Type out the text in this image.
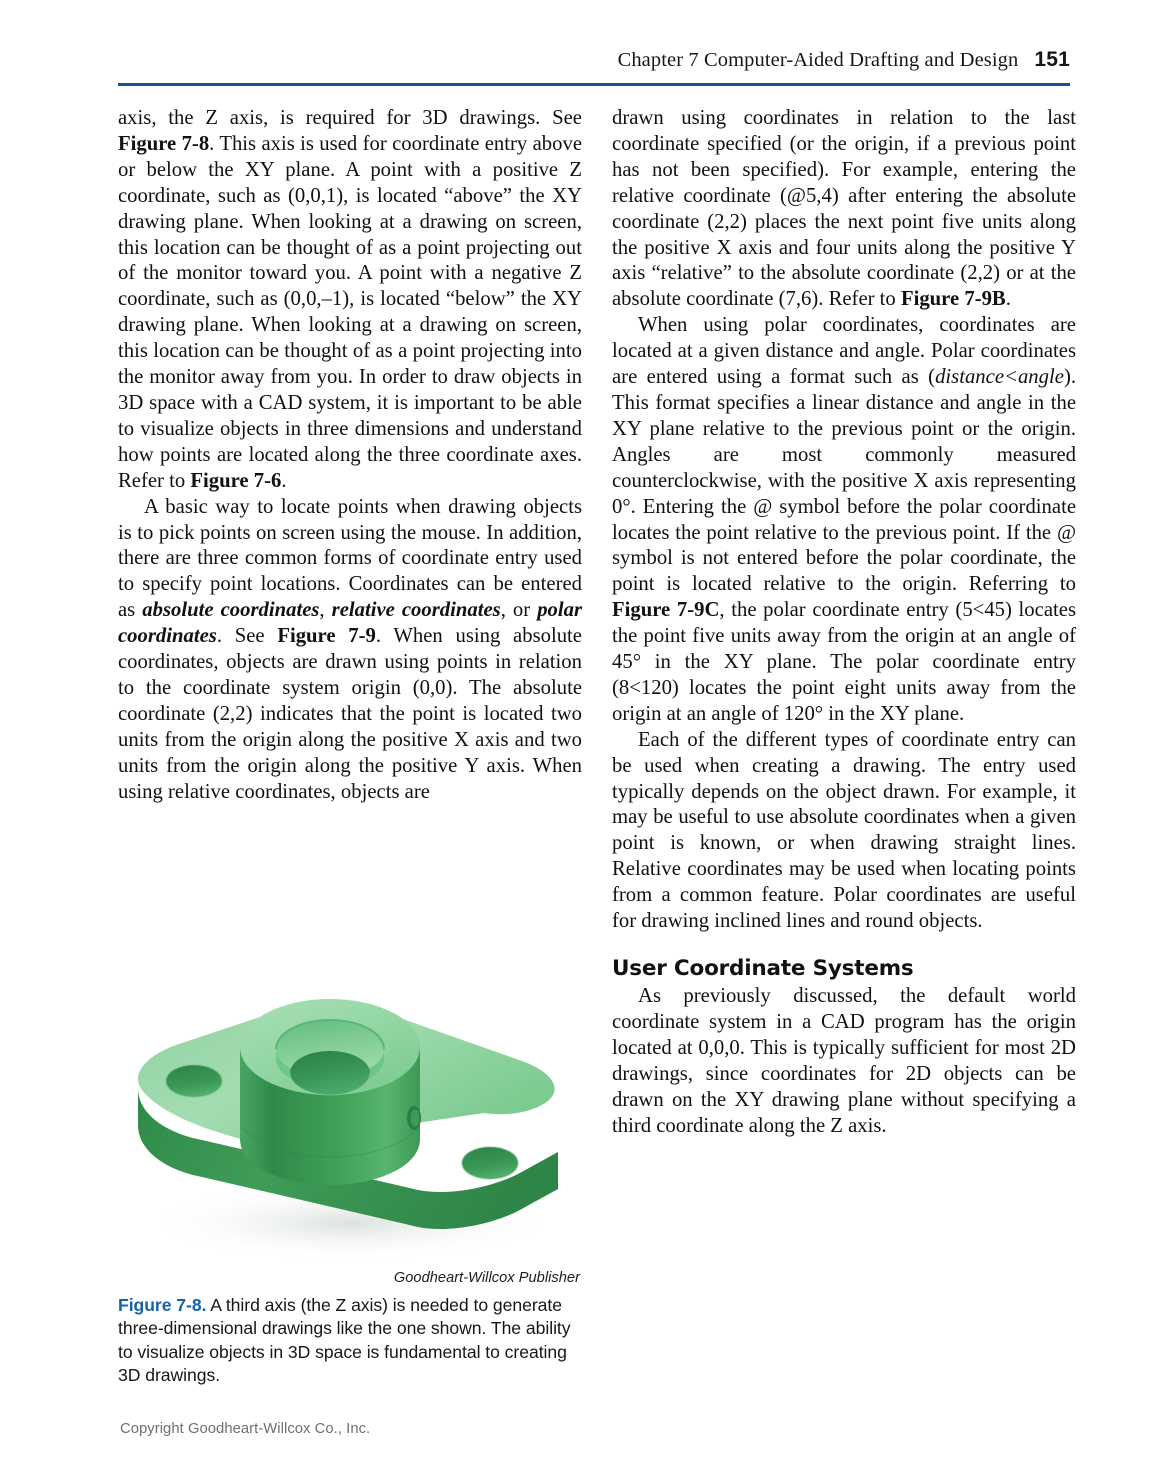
Chapter 7 Computer-Aided Drafting and Design 151

axis, the Z axis, is required for 3D drawings. See Figure 7-8. This axis is used for coordinate entry above or below the XY plane. A point with a positive Z coordinate, such as (0,0,1), is located “above” the XY drawing plane. When looking at a drawing on screen, this location can be thought of as a point projecting out of the monitor toward you. A point with a negative Z coordinate, such as (0,0,–1), is located “below” the XY drawing plane. When looking at a drawing on screen, this location can be thought of as a point projecting into the monitor away from you. In order to draw objects in 3D space with a CAD system, it is important to be able to visualize objects in three dimensions and understand how points are located along the three coordinate axes. Refer to Figure 7-6.

A basic way to locate points when drawing objects is to pick points on screen using the mouse. In addition, there are three common forms of coordinate entry used to specify point locations. Coordinates can be entered as absolute coordinates, relative coordinates, or polar coordinates. See Figure 7-9. When using absolute coordinates, objects are drawn using points in relation to the coordinate system origin (0,0). The absolute coordinate (2,2) indicates that the point is located two units from the origin along the positive X axis and two units from the origin along the positive Y axis. When using relative coordinates, objects are

drawn using coordinates in relation to the last coordinate specified (or the origin, if a previous point has not been specified). For example, entering the relative coordinate (@5,4) after entering the absolute coordinate (2,2) places the next point five units along the positive X axis and four units along the positive Y axis “relative” to the absolute coordinate (2,2) or at the absolute coordinate (7,6). Refer to Figure 7-9B.

When using polar coordinates, coordinates are located at a given distance and angle. Polar coordinates are entered using a format such as (distance<angle). This format specifies a linear distance and angle in the XY plane relative to the previous point or the origin. Angles are most commonly measured counterclockwise, with the positive X axis representing 0°. Entering the @ symbol before the polar coordinate locates the point relative to the previous point. If the @ symbol is not entered before the polar coordinate, the point is located relative to the origin. Referring to Figure 7-9C, the polar coordinate entry (5<45) locates the point five units away from the origin at an angle of 45° in the XY plane. The polar coordinate entry (8<120) locates the point eight units away from the origin at an angle of 120° in the XY plane.

Each of the different types of coordinate entry can be used when creating a drawing. The entry used typically depends on the object drawn. For example, it may be useful to use absolute coordinates when a given point is known, or when drawing straight lines. Relative coordinates may be used when locating points from a common feature. Polar coordinates are useful for drawing inclined lines and round objects.

User Coordinate Systems

As previously discussed, the default world coordinate system in a CAD program has the origin located at 0,0,0. This is typically sufficient for most 2D drawings, since coordinates for 2D objects can be drawn on the XY drawing plane without specifying a third coordinate along the Z axis.

Goodheart-Willcox Publisher
Figure 7-8. A third axis (the Z axis) is needed to generate three-dimensional drawings like the one shown. The ability to visualize objects in 3D space is fundamental to creating 3D drawings.
Copyright Goodheart-Willcox Co., Inc.
